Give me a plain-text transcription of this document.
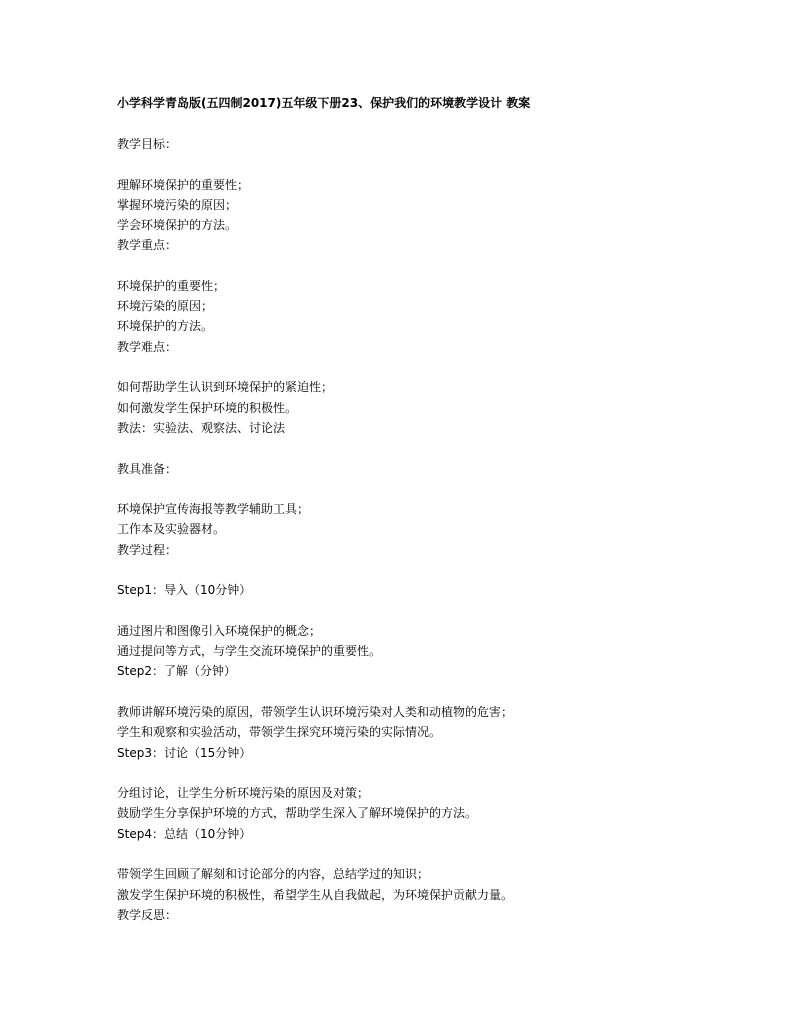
小学科学青岛版(五四制2017)五年级下册23、保护我们的环境教学设计 教案
教学目标：
理解环境保护的重要性；
掌握环境污染的原因；
学会环境保护的方法。
教学重点：
环境保护的重要性；
环境污染的原因；
环境保护的方法。
教学难点：
如何帮助学生认识到环境保护的紧迫性；
如何激发学生保护环境的积极性。
教法：实验法、观察法、讨论法
教具准备：
环境保护宣传海报等教学辅助工具；
工作本及实验器材。
教学过程：
Step1：导入（10分钟）
通过图片和图像引入环境保护的概念；
通过提问等方式，与学生交流环境保护的重要性。
Step2：了解（分钟）
教师讲解环境污染的原因，带领学生认识环境污染对人类和动植物的危害；
学生和观察和实验活动，带领学生探究环境污染的实际情况。
Step3：讨论（15分钟）
分组讨论，让学生分析环境污染的原因及对策；
鼓励学生分享保护环境的方式，帮助学生深入了解环境保护的方法。
Step4：总结（10分钟）
带领学生回顾了解刻和讨论部分的内容，总结学过的知识；
激发学生保护环境的积极性，希望学生从自我做起，为环境保护贡献力量。
教学反思：
